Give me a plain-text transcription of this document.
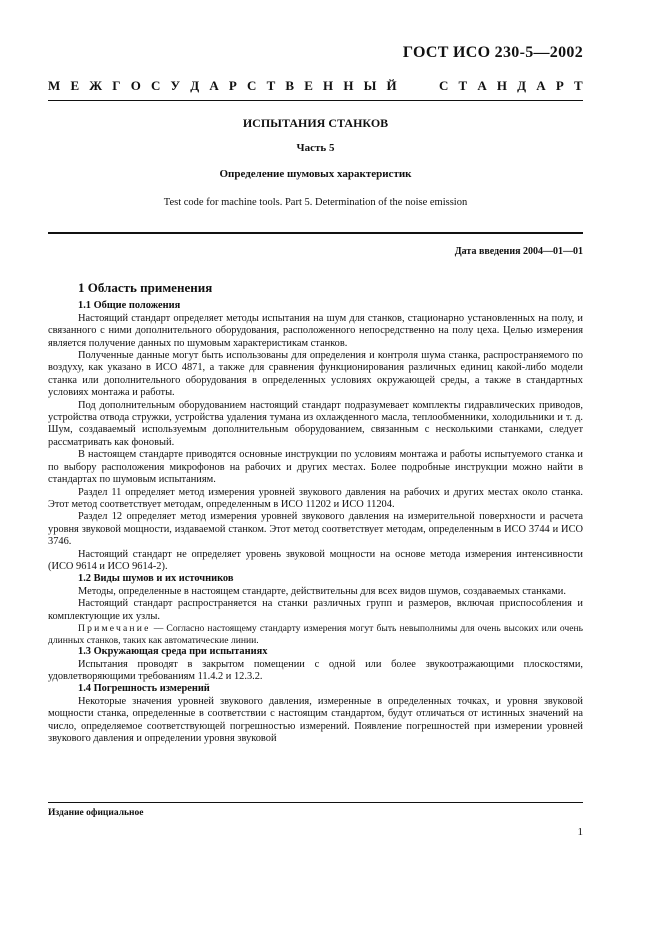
ГОСТ ИСО 230-5—2002
М Е Ж Г О С У Д А Р С Т В Е Н Н Ы Й	С Т А Н Д А Р Т
ИСПЫТАНИЯ СТАНКОВ
Часть 5
Определение шумовых характеристик
Test code for machine tools. Part 5. Determination of the noise emission
Дата введения 2004—01—01
1 Область применения
1.1 Общие положения

Настоящий стандарт определяет методы испытания на шум для станков, стационарно установленных на полу, и связанного с ними дополнительного оборудования, расположенного непосредственно на полу цеха. Целью измерения является получение данных по шумовым характеристикам станков.

Полученные данные могут быть использованы для определения и контроля шума станка, распространяемого по воздуху, как указано в ИСО 4871, а также для сравнения функционирования различных единиц какой-либо модели станка или дополнительного оборудования в определенных условиях окружающей среды, а также в стандартных условиях монтажа и работы.

Под дополнительным оборудованием настоящий стандарт подразумевает комплекты гидравлических приводов, устройства отвода стружки, устройства удаления тумана из охлажденного масла, теплообменники, холодильники и т. д. Шум, создаваемый используемым дополнительным оборудованием, связанным с несколькими станками, следует рассматривать как фоновый.

В настоящем стандарте приводятся основные инструкции по условиям монтажа и работы испытуемого станка и по выбору расположения микрофонов на рабочих и других местах. Более подробные инструкции можно найти в стандартах по шумовым испытаниям.

Раздел 11 определяет метод измерения уровней звукового давления на рабочих и других местах около станка. Этот метод соответствует методам, определенным в ИСО 11202 и ИСО 11204.

Раздел 12 определяет метод измерения уровней звукового давления на измерительной поверхности и расчета уровня звуковой мощности, издаваемой станком. Этот метод соответствует методам, определенным в ИСО 3744 и ИСО 3746.

Настоящий стандарт не определяет уровень звуковой мощности на основе метода измерения интенсивности (ИСО 9614 и ИСО 9614-2).

1.2 Виды шумов и их источников

Методы, определенные в настоящем стандарте, действительны для всех видов шумов, создаваемых станками.

Настоящий стандарт распространяется на станки различных групп и размеров, включая приспособления и комплектующие их узлы.

Примечание — Согласно настоящему стандарту измерения могут быть невыполнимы для очень высоких или очень длинных станков, таких как автоматические линии.

1.3 Окружающая среда при испытаниях

Испытания проводят в закрытом помещении с одной или более звукоотражающими плоскостями, удовлетворяющими требованиям 11.4.2 и 12.3.2.

1.4 Погрешность измерений

Некоторые значения уровней звукового давления, измеренные в определенных точках, и уровня звуковой мощности станка, определенные в соответствии с настоящим стандартом, будут отличаться от истинных значений на число, определяемое соответствующей погрешностью измерений. Появление погрешностей при измерении уровней звукового давления и определении уровня звуковой

Издание официальное
1
